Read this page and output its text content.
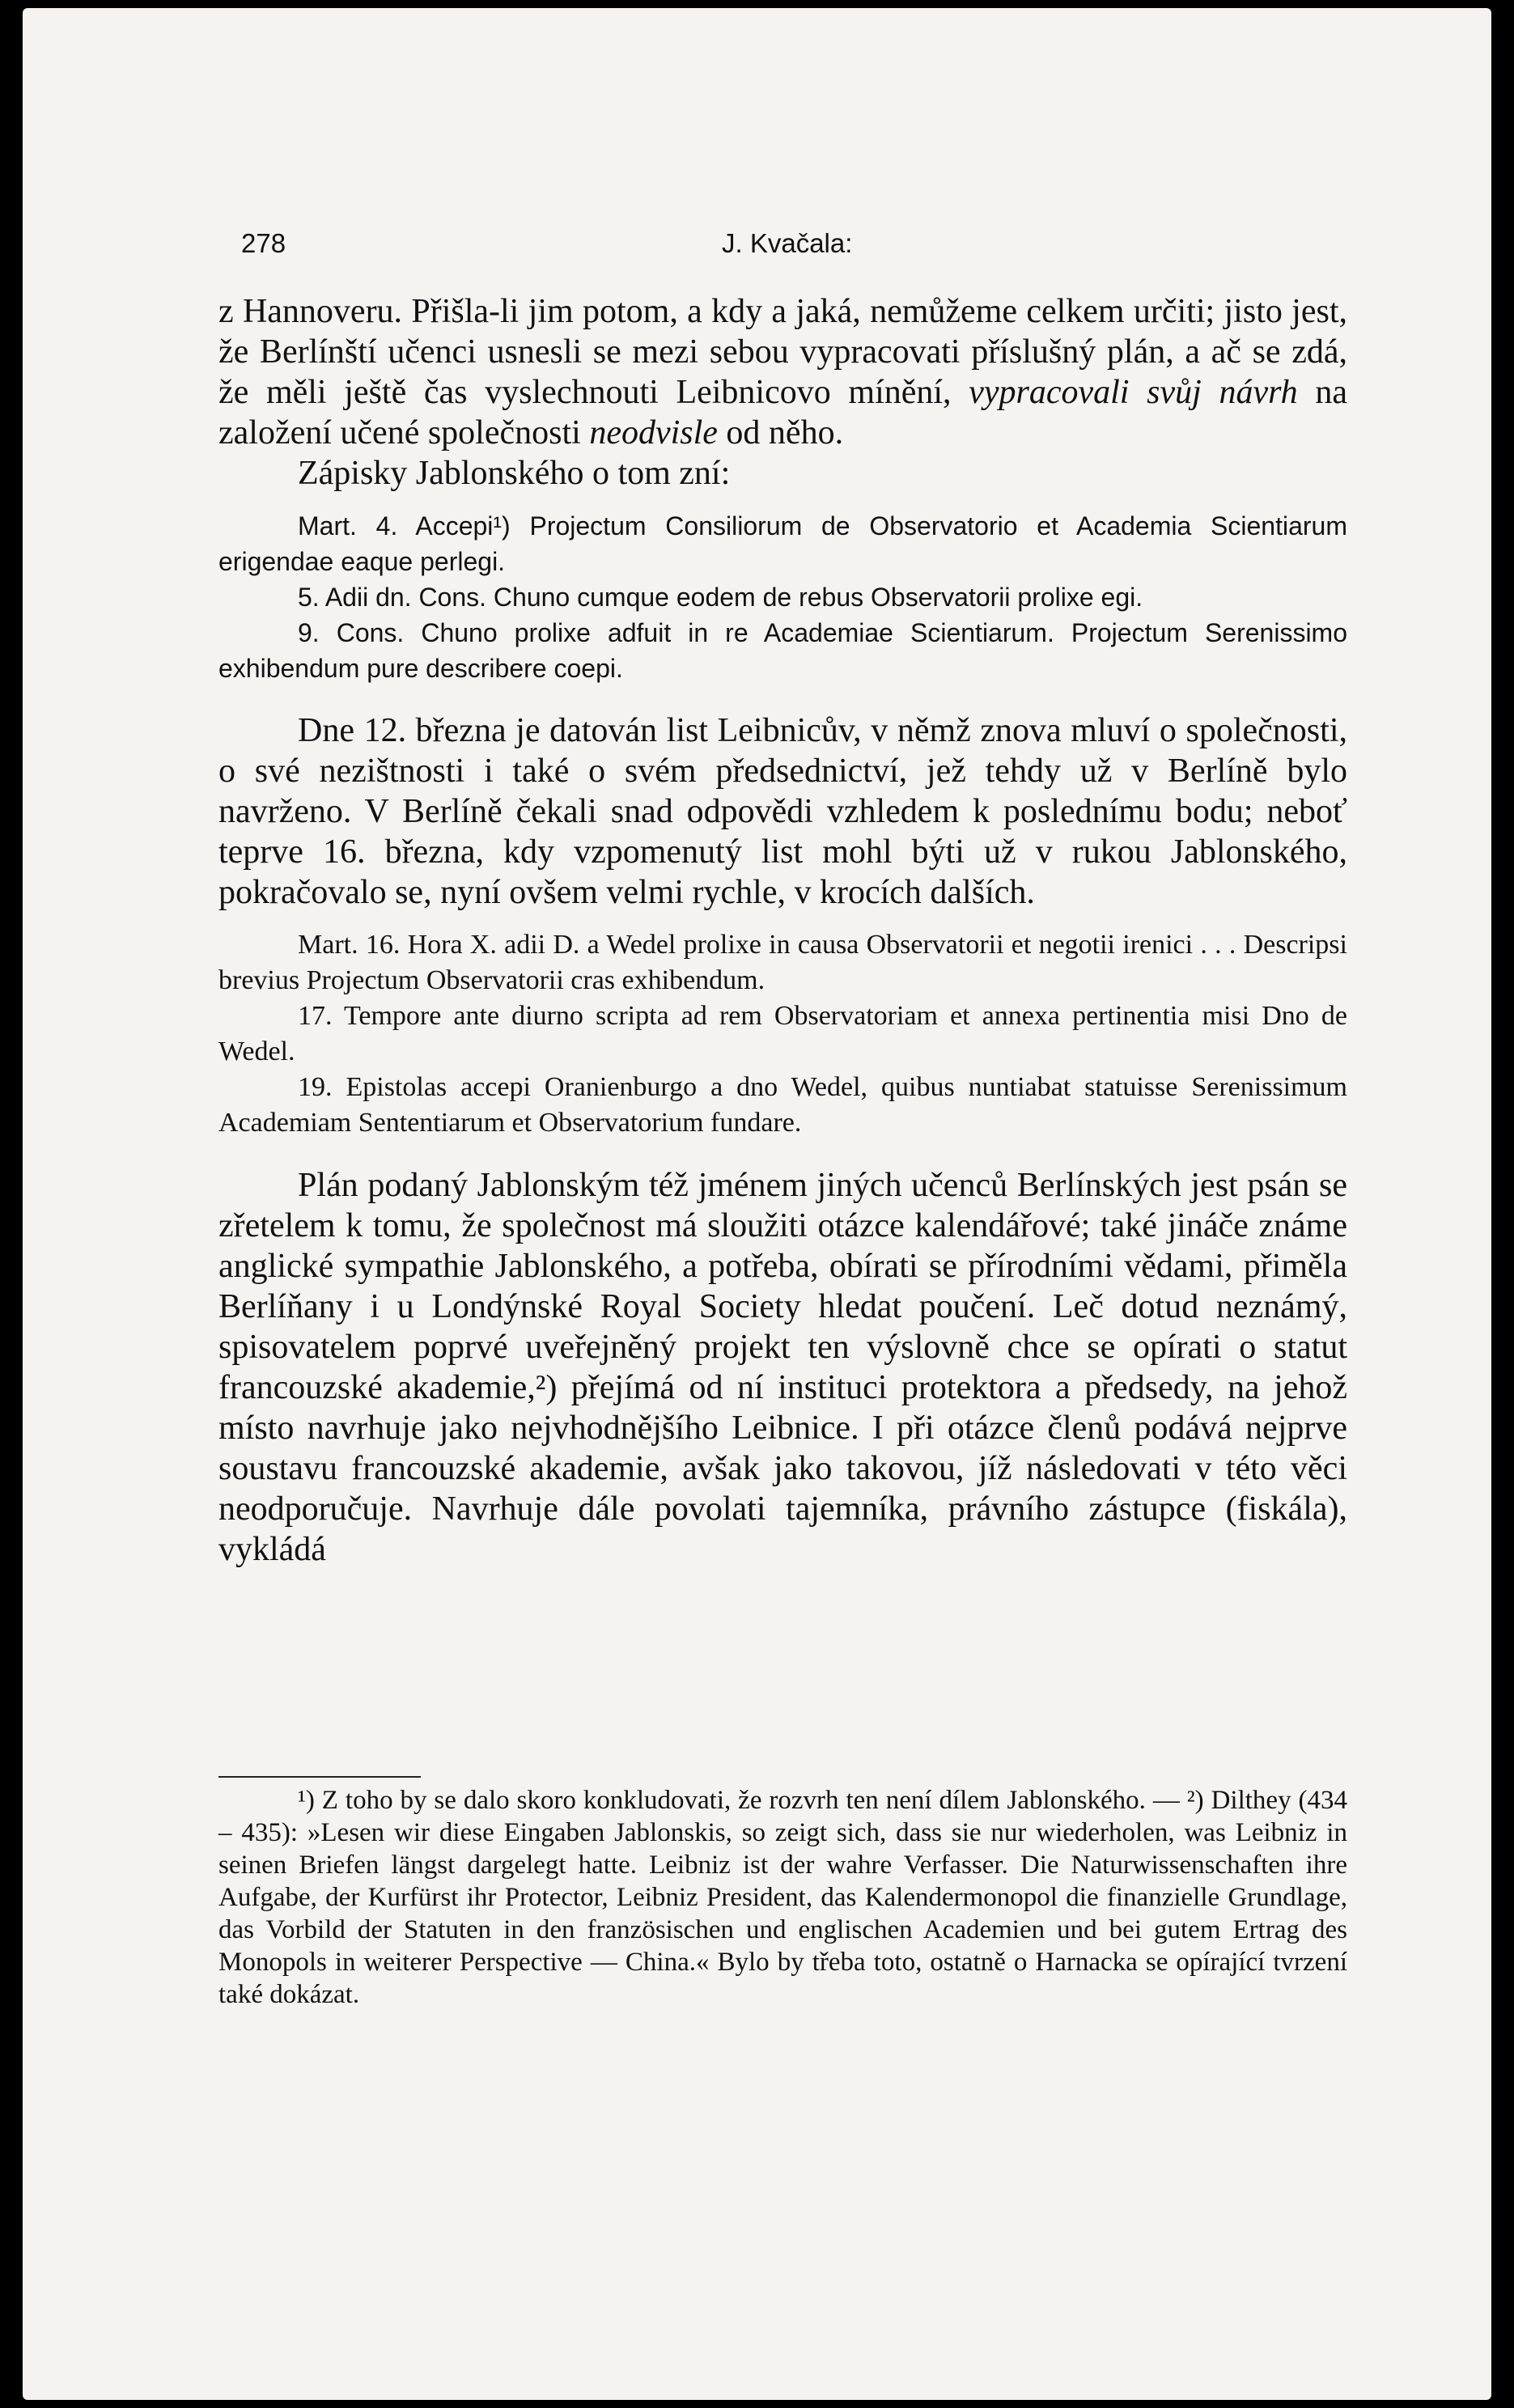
278	J. Kvačala:

z Hannoveru. Přišla-li jim potom, a kdy a jaká, nemůžeme celkem určiti; jisto jest, že Berlínští učenci usnesli se mezi sebou vypracovati příslušný plán, a ač se zdá, že měli ještě čas vyslechnouti Leibnicovo mínění, vypracovali svůj návrh na založení učené společnosti neodvisle od něho.

Zápisky Jablonského o tom zní:

Mart. 4. Accepi¹) Projectum Consiliorum de Observatorio et Academia Scientiarum erigendae eaque perlegi.

5. Adii dn. Cons. Chuno cumque eodem de rebus Observatorii prolixe egi.

9. Cons. Chuno prolixe adfuit in re Academiae Scientiarum. Projectum Serenissimo exhibendum pure describere coepi.

Dne 12. března je datován list Leibnicův, v němž znova mluví o společnosti, o své nezištnosti i také o svém předsednictví, jež tehdy už v Berlíně bylo navrženo. V Berlíně čekali snad odpovědi vzhledem k poslednímu bodu; neboť teprve 16. března, kdy vzpomenutý list mohl býti už v rukou Jablonského, pokračovalo se, nyní ovšem velmi rychle, v krocích dalších.

Mart. 16. Hora X. adii D. a Wedel prolixe in causa Observatorii et negotii irenici . . . Descripsi brevius Projectum Observatorii cras exhibendum.

17. Tempore ante diurno scripta ad rem Observatoriam et annexa pertinentia misi Dno de Wedel.

19. Epistolas accepi Oranienburgo a dno Wedel, quibus nuntiabat statuisse Serenissimum Academiam Sententiarum et Observatorium fundare.

Plán podaný Jablonským též jménem jiných učenců Berlínských jest psán se zřetelem k tomu, že společnost má sloužiti otázce kalendářové; také jináče známe anglické sympathie Jablonského, a potřeba, obírati se přírodními vědami, přiměla Berlíňany i u Londýnské Royal Society hledat poučení. Leč dotud neznámý, spisovatelem poprvé uveřejněný projekt ten výslovně chce se opírati o statut francouzské akademie,²) přejímá od ní instituci protektora a předsedy, na jehož místo navrhuje jako nejvhodnějšího Leibnice. I při otázce členů podává nejprve soustavu francouzské akademie, avšak jako takovou, jíž následovati v této věci neodporučuje. Navrhuje dále povolati tajemníka, právního zástupce (fiskála), vykládá

¹) Z toho by se dalo skoro konkludovati, že rozvrh ten není dílem Jablonského. — ²) Dilthey (434 – 435): »Lesen wir diese Eingaben Jablonskis, so zeigt sich, dass sie nur wiederholen, was Leibniz in seinen Briefen längst dargelegt hatte. Leibniz ist der wahre Verfasser. Die Naturwissenschaften ihre Aufgabe, der Kurfürst ihr Protector, Leibniz President, das Kalendermonopol die finanzielle Grundlage, das Vorbild der Statuten in den französischen und englischen Academien und bei gutem Ertrag des Monopols in weiterer Perspective — China.« Bylo by třeba toto, ostatně o Harnacka se opírající tvrzení také dokázat.
